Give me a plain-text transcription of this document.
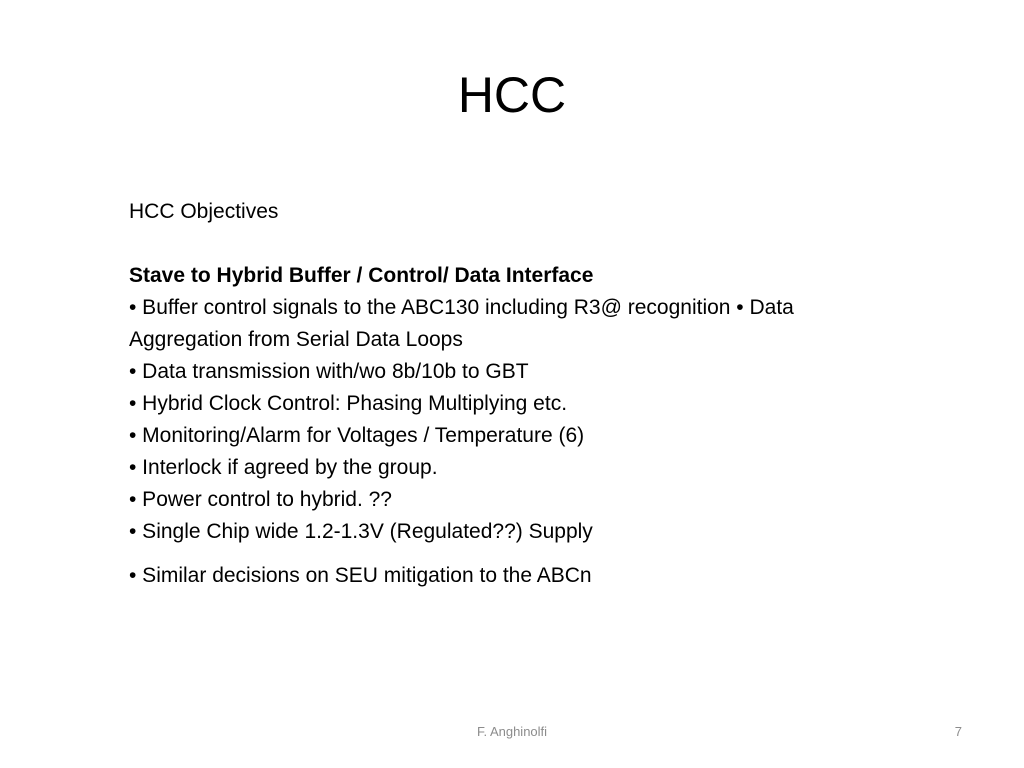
HCC
HCC Objectives
Stave to Hybrid Buffer / Control/ Data Interface
• Buffer control signals to the ABC130 including R3@ recognition • Data
Aggregation from Serial Data Loops
• Data transmission with/wo 8b/10b to GBT
• Hybrid Clock Control: Phasing Multiplying etc.
• Monitoring/Alarm for Voltages / Temperature (6)
• Interlock if agreed by the group.
• Power control to hybrid. ??
• Single Chip wide 1.2-1.3V (Regulated??) Supply
• Similar decisions on SEU mitigation to the ABCn
F. Anghinolfi	7
